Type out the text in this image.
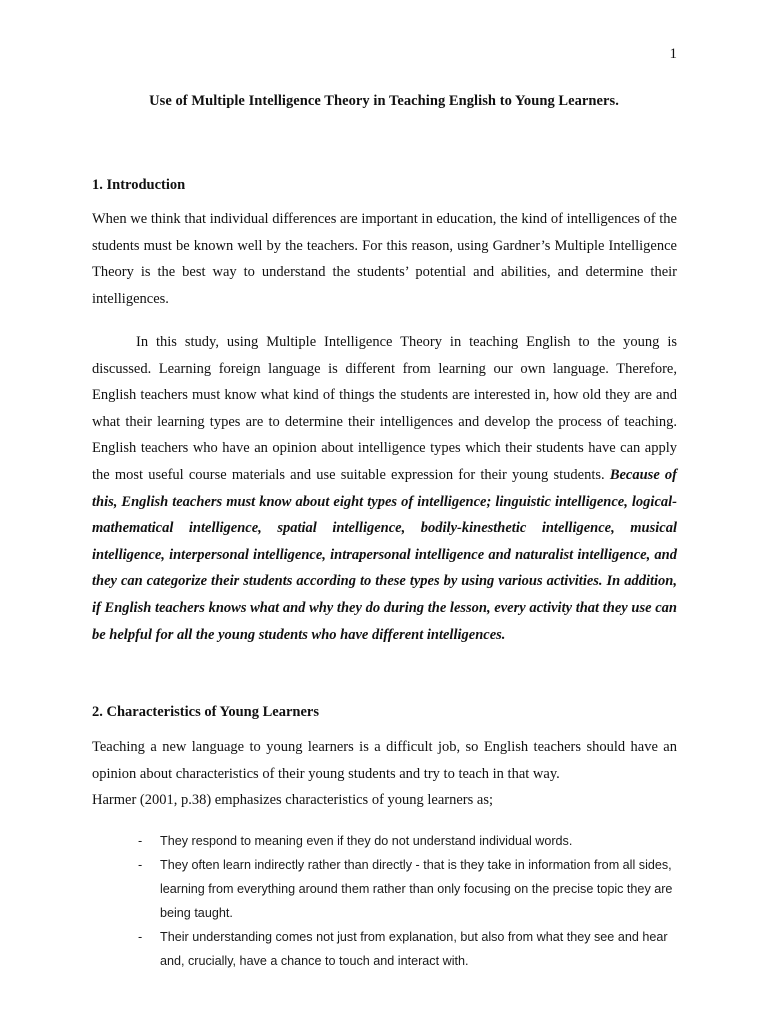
1
Use of Multiple Intelligence Theory in Teaching English to Young Learners.
1. Introduction

When we think that individual differences are important in education, the kind of intelligences of the students must be known well by the teachers. For this reason, using Gardner’s Multiple Intelligence Theory is the best way to understand the students’ potential and abilities, and determine their intelligences.

In this study, using Multiple Intelligence Theory in teaching English to the young is discussed. Learning foreign language is different from learning our own language. Therefore, English teachers must know what kind of things the students are interested in, how old they are and what their learning types are to determine their intelligences and develop the process of teaching. English teachers who have an opinion about intelligence types which their students have can apply the most useful course materials and use suitable expression for their young students. Because of this, English teachers must know about eight types of intelligence; linguistic intelligence, logical-mathematical intelligence, spatial intelligence, bodily-kinesthetic intelligence, musical intelligence, interpersonal intelligence, intrapersonal intelligence and naturalist intelligence, and they can categorize their students according to these types by using various activities. In addition, if English teachers knows what and why they do during the lesson, every activity that they use can be helpful for all the young students who have different intelligences.

2. Characteristics of Young Learners

Teaching a new language to young learners is a difficult job, so English teachers should have an opinion about characteristics of their young students and try to teach in that way.

Harmer (2001, p.38) emphasizes characteristics of young learners as;

- They respond to meaning even if they do not understand individual words.
- They often learn indirectly rather than directly - that is they take in information from all sides, learning from everything around them rather than only focusing on the precise topic they are being taught.
- Their understanding comes not just from explanation, but also from what they see and hear and, crucially, have a chance to touch and interact with.
